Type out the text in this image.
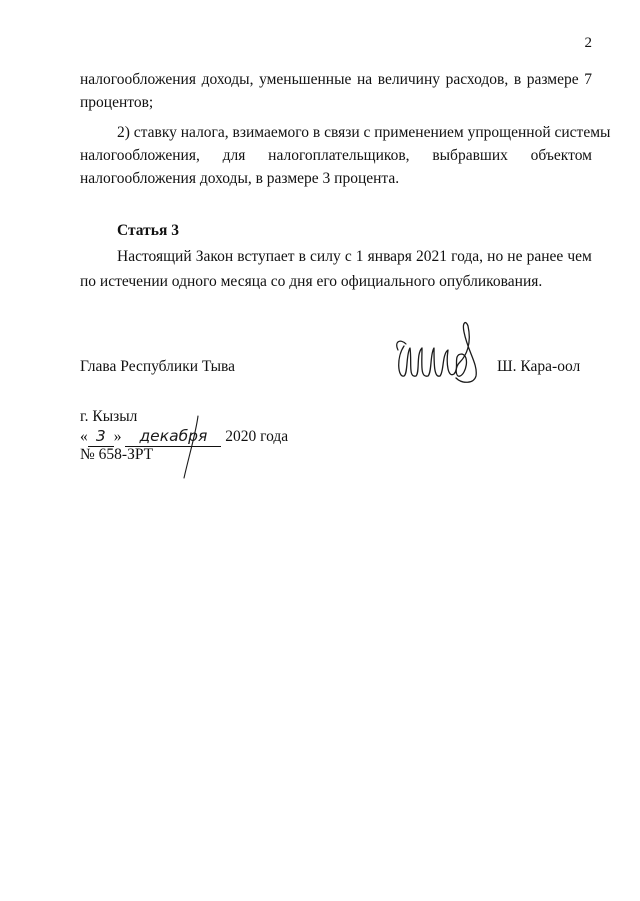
2
налогообложения доходы, уменьшенные на величину расходов, в размере 7
процентов;
2) ставку налога, взимаемого в связи с применением упрощенной системы
налогообложения, для налогоплательщиков, выбравших объектом
налогообложения доходы, в размере 3 процента.
Статья 3
Настоящий Закон вступает в силу с 1 января 2021 года, но не ранее чем
по истечении одного месяца со дня его официального опубликования.
Глава Республики Тыва	Ш. Кара-оол
г. Кызыл
« 3 » декабря 2020 года
№ 658-ЗРТ
